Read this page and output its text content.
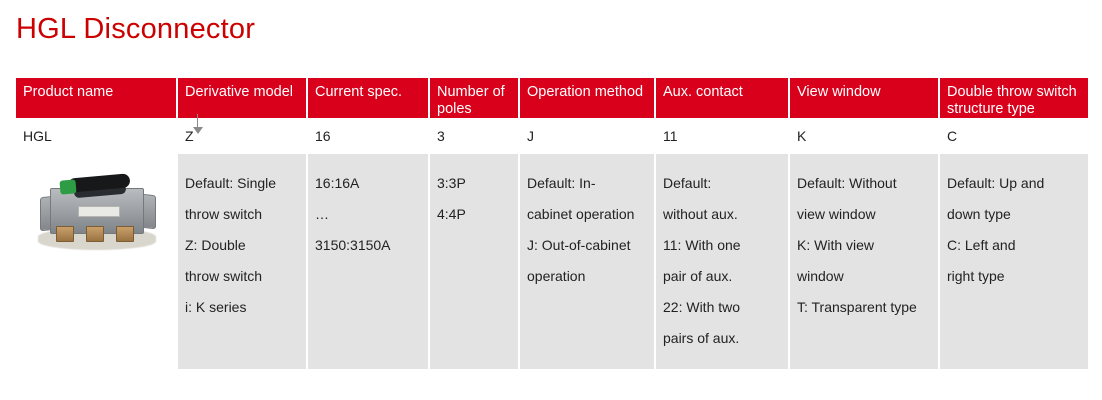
HGL Disconnector
Product name
HGL
Derivative model
Z
Default: Single
throw switch
Z: Double
throw switch
i: K series
Current spec.
16
16:16A
…
3150:3150A
Number of poles
3
3:3P
4:4P
Operation method
J
Default: In-
cabinet operation
J: Out-of-cabinet
operation
Aux. contact
11
Default:
without aux.
11: With one
pair of aux.
22: With two
pairs of aux.
View window
K
Default: Without
view window
K: With view
window
T: Transparent type
Double throw switch structure type
C
Default: Up and
down type
C: Left and
right type
